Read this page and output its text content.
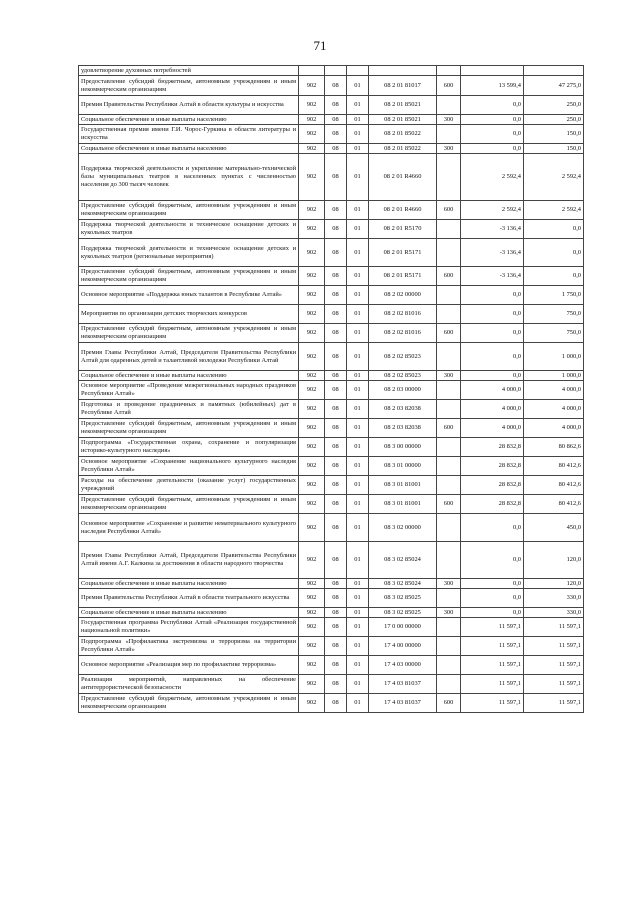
71
удовлетворение духовных потребностей							
Предоставление субсидий бюджетным, автономным учреждениям и иным некоммерческим организациям	902	08	01	08 2 01 81017	600	13 599,4	47 275,0
Премия Правительства Республики Алтай в области культуры и искусства	902	08	01	08 2 01 85021		0,0	250,0
Социальное обеспечение и иные выплаты населению	902	08	01	08 2 01 85021	300	0,0	250,0
Государственная премия имени Г.И. Чорос-Гуркина в области литературы и искусства	902	08	01	08 2 01 85022		0,0	150,0
Социальное обеспечение и иные выплаты населению	902	08	01	08 2 01 85022	300	0,0	150,0
Поддержка творческой деятельности и укрепление материально-технической базы муниципальных театров в населенных пунктах с численностью населения до 300 тысяч человек	902	08	01	08 2 01 R4660		2 592,4	2 592,4
Предоставление субсидий бюджетным, автономным учреждениям и иным некоммерческим организациям	902	08	01	08 2 01 R4660	600	2 592,4	2 592,4
Поддержка творческой деятельности и техническое оснащение детских и кукольных театров	902	08	01	08 2 01 R5170		-3 136,4	0,0
Поддержка творческой деятельности и техническое оснащение детских и кукольных театров (региональные мероприятия)	902	08	01	08 2 01 R5171		-3 136,4	0,0
Предоставление субсидий бюджетным, автономным учреждениям и иным некоммерческим организациям	902	08	01	08 2 01 R5171	600	-3 136,4	0,0
Основное мероприятие «Поддержка юных талантов в Республике Алтай»	902	08	01	08 2 02 00000		0,0	1 750,0
Мероприятия по организации детских творческих конкурсов	902	08	01	08 2 02 81016		0,0	750,0
Предоставление субсидий бюджетным, автономным учреждениям и иным некоммерческим организациям	902	08	01	08 2 02 81016	600	0,0	750,0
Премия Главы Республики Алтай, Председателя Правительства Республики Алтай для одаренных детей и талантливой молодежи Республики Алтай	902	08	01	08 2 02 85023		0,0	1 000,0
Социальное обеспечение и иные выплаты населению	902	08	01	08 2 02 85023	300	0,0	1 000,0
Основное мероприятие «Проведение межрегиональных народных праздников Республики Алтай»	902	08	01	08 2 03 00000		4 000,0	4 000,0
Подготовка и проведение праздничных и памятных (юбилейных) дат в Республике Алтай	902	08	01	08 2 03 82038		4 000,0	4 000,0
Предоставление субсидий бюджетным, автономным учреждениям и иным некоммерческим организациям	902	08	01	08 2 03 82038	600	4 000,0	4 000,0
Подпрограмма «Государственная охрана, сохранение и популяризация историко-культурного наследия»	902	08	01	08 3 00 00000		28 832,8	80 862,6
Основное мероприятие «Сохранение национального культурного наследия Республики Алтай»	902	08	01	08 3 01 00000		28 832,8	80 412,6
Расходы на обеспечение деятельности (оказание услуг) государственных учреждений	902	08	01	08 3 01 81001		28 832,8	80 412,6
Предоставление субсидий бюджетным, автономным учреждениям и иным некоммерческим организациям	902	08	01	08 3 01 81001	600	28 832,8	80 412,6
Основное мероприятие «Сохранение и развитие нематериального культурного наследия Республики Алтай»	902	08	01	08 3 02 00000		0,0	450,0
Премия Главы Республики Алтай, Председателя Правительства Республики Алтай имени А.Г. Калкина за достижения в области народного творчества	902	08	01	08 3 02 85024		0,0	120,0
Социальное обеспечение и иные выплаты населению	902	08	01	08 3 02 85024	300	0,0	120,0
Премия Правительства Республики Алтай в области театрального искусства	902	08	01	08 3 02 85025		0,0	330,0
Социальное обеспечение и иные выплаты населению	902	08	01	08 3 02 85025	300	0,0	330,0
Государственная программа Республики Алтай «Реализация государственной национальной политики»	902	08	01	17 0 00 00000		11 597,1	11 597,1
Подпрограмма «Профилактика экстремизма и терроризма на территории Республики Алтай»	902	08	01	17 4 00 00000		11 597,1	11 597,1
Основное мероприятие «Реализация мер по профилактике терроризма»	902	08	01	17 4 03 00000		11 597,1	11 597,1
Реализация мероприятий, направленных на обеспечение антитеррористической безопасности	902	08	01	17 4 03 81037		11 597,1	11 597,1
Предоставление субсидий бюджетным, автономным учреждениям и иным некоммерческим организациям	902	08	01	17 4 03 81037	600	11 597,1	11 597,1
